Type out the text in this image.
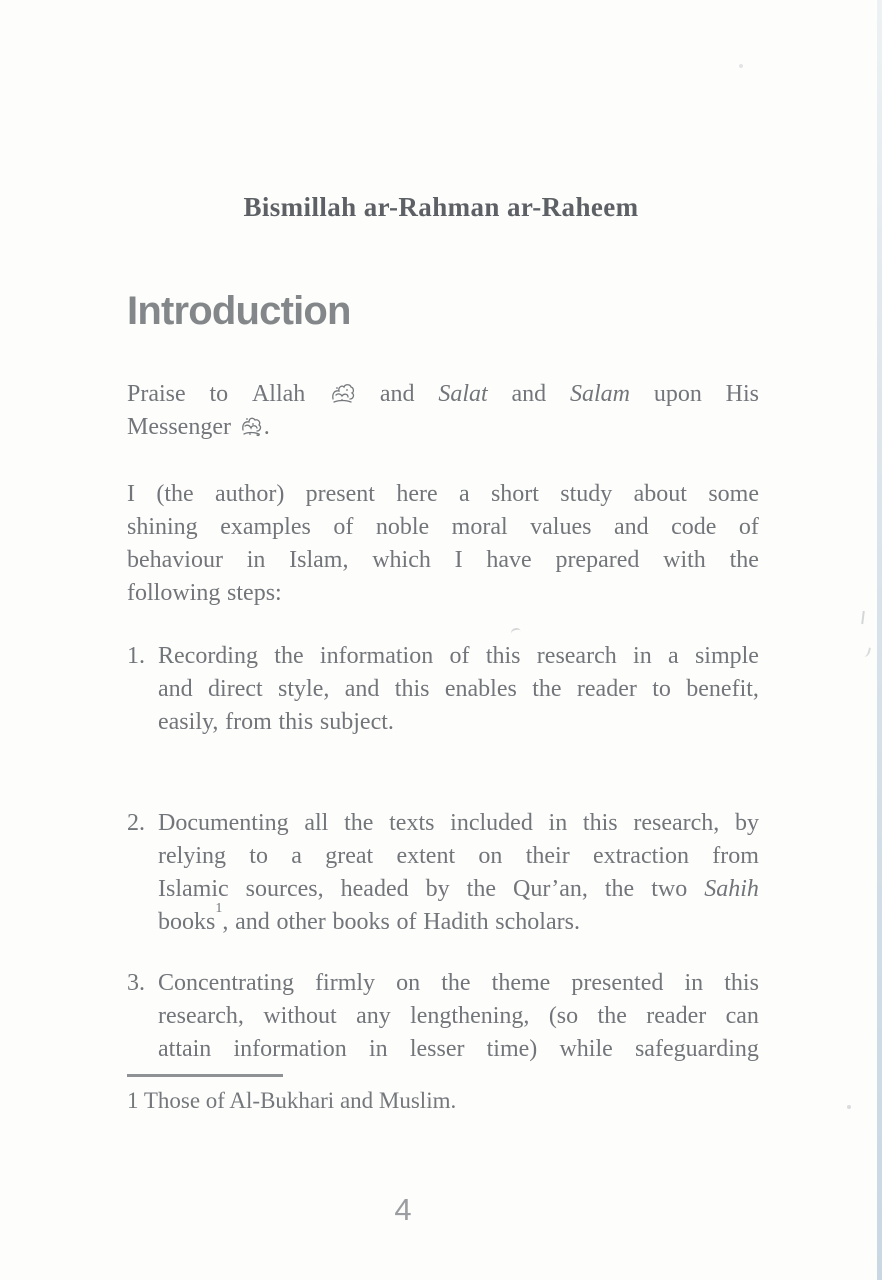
Bismillah ar-Rahman ar-Raheem
Introduction
Praise to Allah	and Salat and Salam upon His
Messenger	.
I (the author) present here a short study about some
shining examples of noble moral values and code of
behaviour in Islam, which I have prepared with the
following steps:
1. Recording the information of this research in a simple
and direct style, and this enables the reader to benefit,
easily, from this subject.
2. Documenting all the texts included in this research, by
relying to a great extent on their extraction from
Islamic sources, headed by the Qur’an, the two Sahih
books$^1$, and other books of Hadith scholars.
3. Concentrating firmly on the theme presented in this
research, without any lengthening, (so the reader can
attain information in lesser time) while safeguarding
1 Those of Al-Bukhari and Muslim.
4
